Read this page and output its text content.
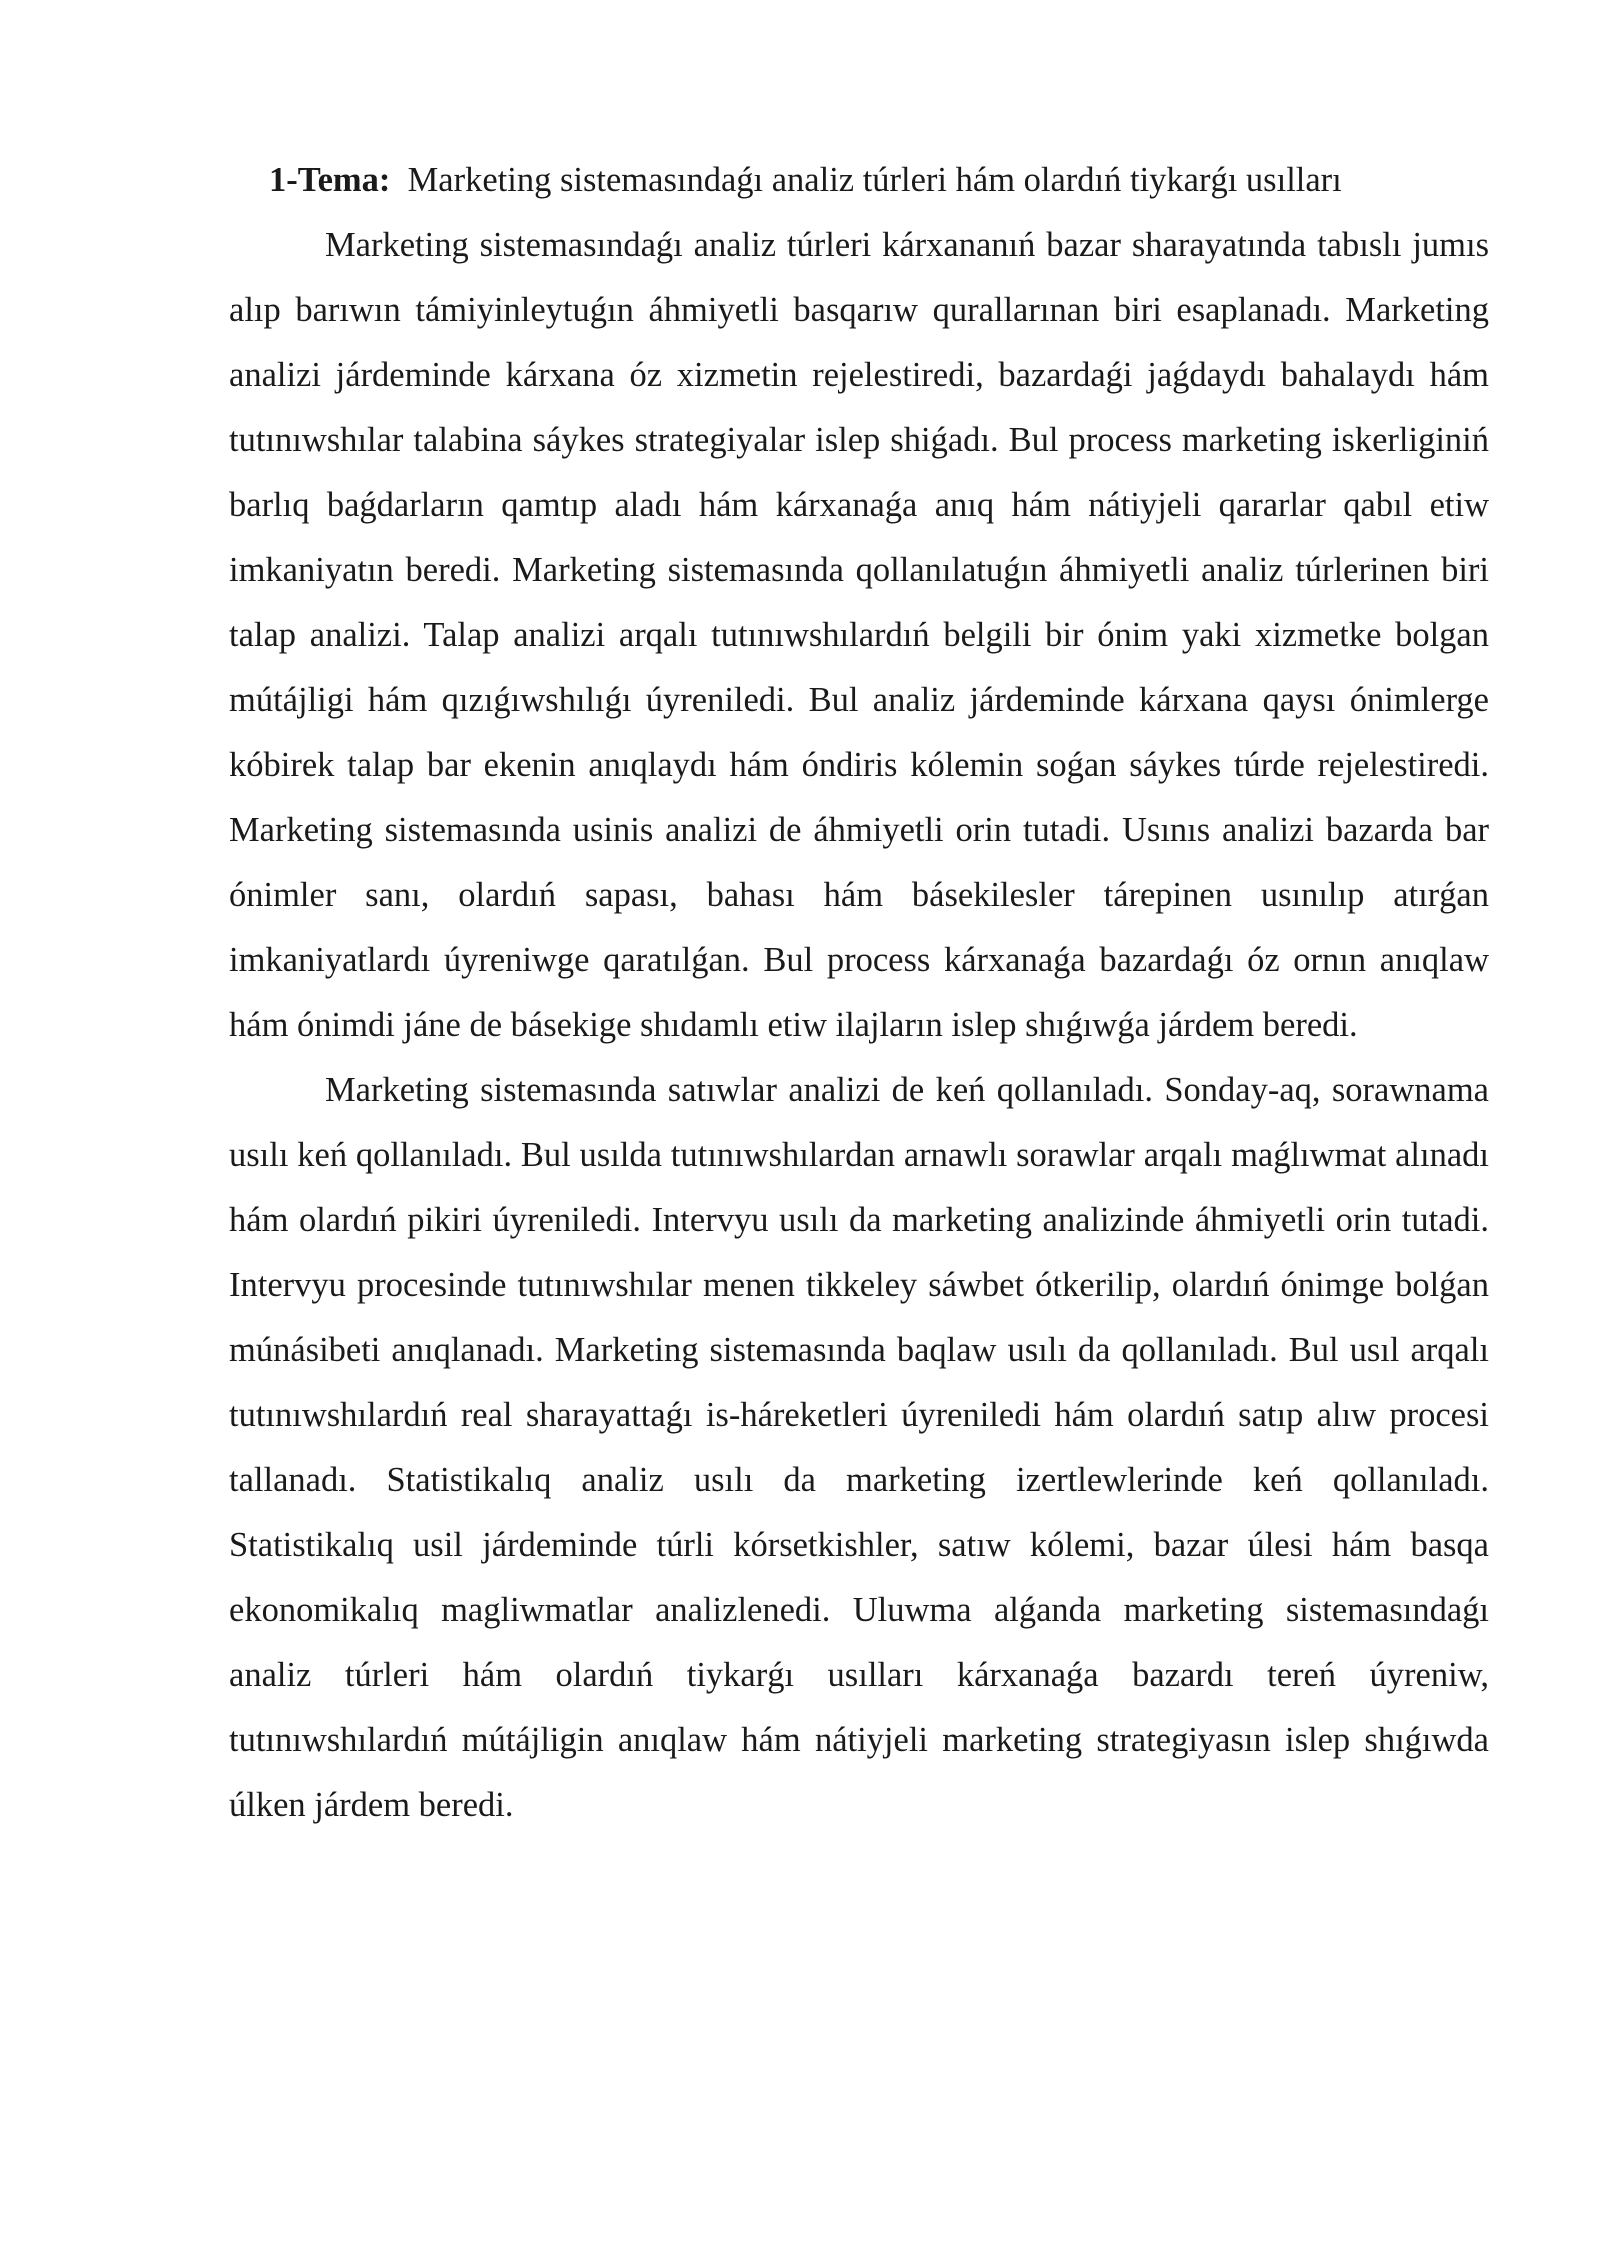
1-Tema: Marketing sistemasındaǵı analiz túrleri hám olardıń tiykarǵı usılları

Marketing sistemasındaǵı analiz túrleri kárxananıń bazar sharayatında tabıslı jumıs alıp barıwın támiyinleytuǵın áhmiyetli basqarıw qurallarınan biri esaplanadı. Marketing analizi járdeminde kárxana óz xizmetin rejelestiredi, bazardaǵi jaǵdaydı bahalaydı hám tutınıwshılar talabina sáykes strategiyalar islep shiǵadı. Bul process marketing iskerliginiń barlıq baǵdarların qamtıp aladı hám kárxanaǵa anıq hám nátiyjeli qararlar qabıl etiw imkaniyatın beredi. Marketing sistemasında qollanılatuǵın áhmiyetli analiz túrlerinen biri talap analizi. Talap analizi arqalı tutınıwshılardıń belgili bir ónim yaki xizmetke bolgan mútájligi hám qızıǵıwshılıǵı úyreniledi. Bul analiz járdeminde kárxana qaysı ónimlerge kóbirek talap bar ekenin anıqlaydı hám óndiris kólemin soǵan sáykes túrde rejelestiredi. Marketing sistemasında usinis analizi de áhmiyetli orin tutadi. Usınıs analizi bazarda bar ónimler sanı, olardıń sapası, bahası hám básekilesler tárepinen usınılıp atırǵan imkaniyatlardı úyreniwge qaratılǵan. Bul process kárxanaǵa bazardaǵı óz ornın anıqlaw hám ónimdi jáne de básekige shıdamlı etiw ilajların islep shıǵıwǵa járdem beredi.

Marketing sistemasında satıwlar analizi de keń qollanıladı. Sonday-aq, sorawnama usılı keń qollanıladı. Bul usılda tutınıwshılardan arnawlı sorawlar arqalı maǵlıwmat alınadı hám olardıń pikiri úyreniledi. Intervyu usılı da marketing analizinde áhmiyetli orin tutadi. Intervyu procesinde tutınıwshılar menen tikkeley sáwbet ótkerilip, olardıń ónimge bolǵan múnásibeti anıqlanadı. Marketing sistemasında baqlaw usılı da qollanıladı. Bul usıl arqalı tutınıwshılardıń real sharayattaǵı is-háreketleri úyreniledi hám olardıń satıp alıw procesi tallanadı. Statistikalıq analiz usılı da marketing izertlewlerinde keń qollanıladı. Statistikalıq usil járdeminde túrli kórsetkishler, satıw kólemi, bazar úlesi hám basqa ekonomikalıq magliwmatlar analizlenedi. Uluwma alǵanda marketing sistemasındaǵı analiz túrleri hám olardıń tiykarǵı usılları kárxanaǵa bazardı tereń úyreniw, tutınıwshılardıń mútájligin anıqlaw hám nátiyjeli marketing strategiyasın islep shıǵıwda úlken járdem beredi.
